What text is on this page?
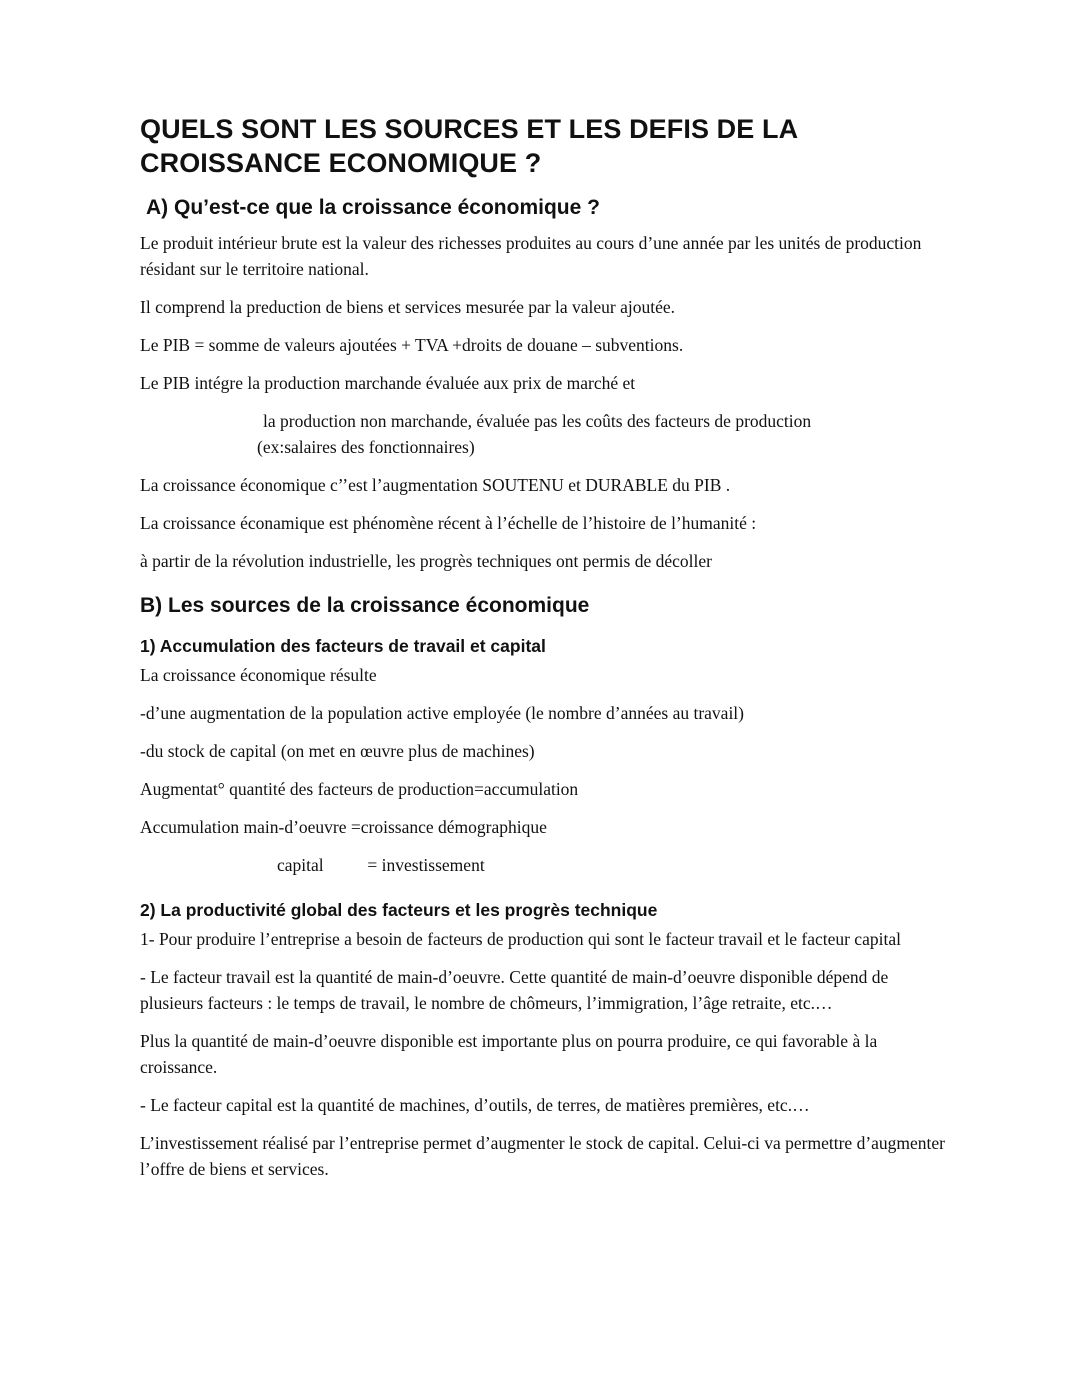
QUELS SONT LES SOURCES ET LES DEFIS DE LA
CROISSANCE ECONOMIQUE ?
A) Qu’est-ce que la croissance économique ?

Le produit intérieur brute est la valeur des richesses produites au cours d’une année par les unités de production résidant sur le territoire national.

Il comprend la preduction de biens et services mesurée par la valeur ajoutée.

Le PIB = somme de valeurs ajoutées + TVA +droits de douane – subventions.

Le PIB intégre la production marchande évaluée aux prix de marché et

la production non marchande, évaluée pas les coûts des facteurs de production

(ex:salaires des fonctionnaires)

La croissance économique c’’est l’augmentation SOUTENU et DURABLE du PIB .

La croissance éconamique est phénomène récent à l’échelle de l’histoire de l’humanité :

à partir de la révolution industrielle, les progrès techniques ont permis de décoller

B) Les sources de la croissance économique
1) Accumulation des facteurs de travail et capital

La croissance économique résulte

-d’une augmentation de la population active employée (le nombre d’années au travail)

-du stock de capital (on met en œuvre plus de machines)

Augmentat° quantité des facteurs de production=accumulation

Accumulation main-d’oeuvre =croissance démographique

capital          = investissement

2) La productivité global des facteurs et les progrès technique

1- Pour produire l’entreprise a besoin de facteurs de production qui sont le facteur travail et le facteur capital

- Le facteur travail est la quantité de main-d’oeuvre. Cette quantité de main-d’oeuvre disponible dépend de plusieurs facteurs : le temps de travail, le nombre de chômeurs, l’immigration, l’âge retraite, etc.…

Plus la quantité de main-d’oeuvre disponible est importante plus on pourra produire, ce qui favorable à la croissance.

- Le facteur capital est la quantité de machines, d’outils, de terres, de matières premières, etc.…

L’investissement réalisé par l’entreprise permet d’augmenter le stock de capital. Celui-ci va permettre d’augmenter l’offre de biens et services.
